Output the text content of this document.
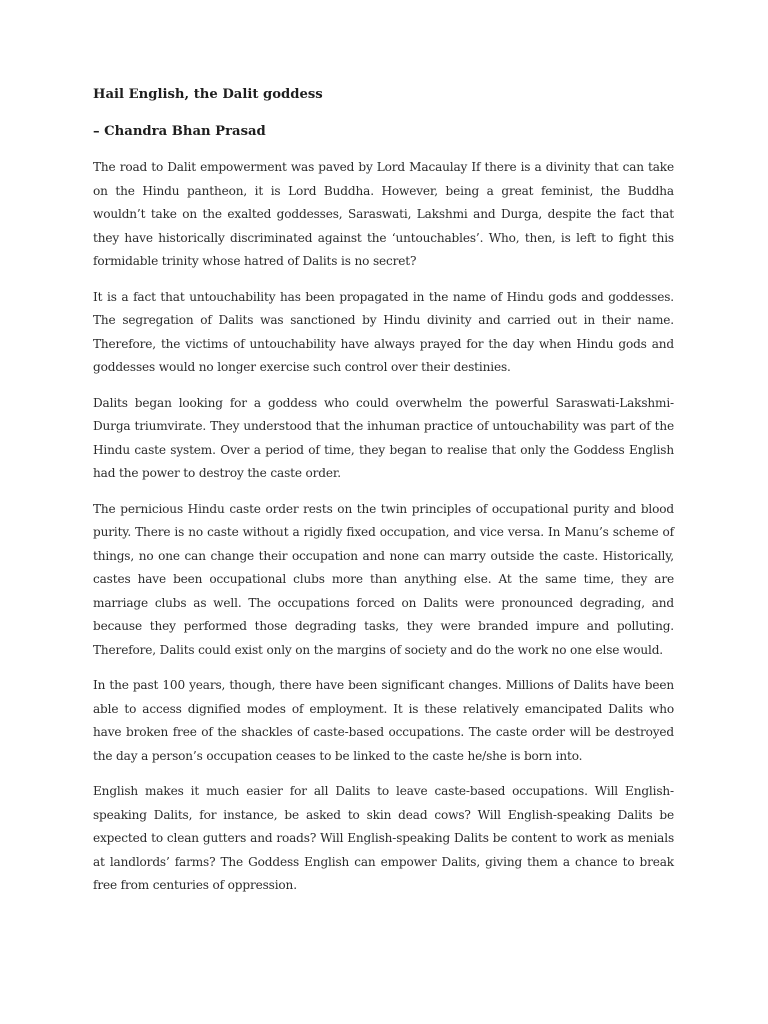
Hail English, the Dalit goddess
– Chandra Bhan Prasad

The road to Dalit empowerment was paved by Lord Macaulay If there is a divinity that can take on the Hindu pantheon, it is Lord Buddha. However, being a great feminist, the Buddha wouldn’t take on the exalted goddesses, Saraswati, Lakshmi and Durga, despite the fact that they have historically discriminated against the ‘untouchables’. Who, then, is left to fight this formidable trinity whose hatred of Dalits is no secret?

It is a fact that untouchability has been propagated in the name of Hindu gods and goddesses. The segregation of Dalits was sanctioned by Hindu divinity and carried out in their name. Therefore, the victims of untouchability have always prayed for the day when Hindu gods and goddesses would no longer exercise such control over their destinies.

Dalits began looking for a goddess who could overwhelm the powerful Saraswati-Lakshmi-Durga triumvirate. They understood that the inhuman practice of untouchability was part of the Hindu caste system. Over a period of time, they began to realise that only the Goddess English had the power to destroy the caste order.

The pernicious Hindu caste order rests on the twin principles of occupational purity and blood purity. There is no caste without a rigidly fixed occupation, and vice versa. In Manu’s scheme of things, no one can change their occupation and none can marry outside the caste. Historically, castes have been occupational clubs more than anything else. At the same time, they are marriage clubs as well. The occupations forced on Dalits were pronounced degrading, and because they performed those degrading tasks, they were branded impure and polluting. Therefore, Dalits could exist only on the margins of society and do the work no one else would.

In the past 100 years, though, there have been significant changes. Millions of Dalits have been able to access dignified modes of employment. It is these relatively emancipated Dalits who have broken free of the shackles of caste-based occupations. The caste order will be destroyed the day a person’s occupation ceases to be linked to the caste he/she is born into.

English makes it much easier for all Dalits to leave caste-based occupations. Will English-speaking Dalits, for instance, be asked to skin dead cows? Will English-speaking Dalits be expected to clean gutters and roads? Will English-speaking Dalits be content to work as menials at landlords’ farms? The Goddess English can empower Dalits, giving them a chance to break free from centuries of oppression.
